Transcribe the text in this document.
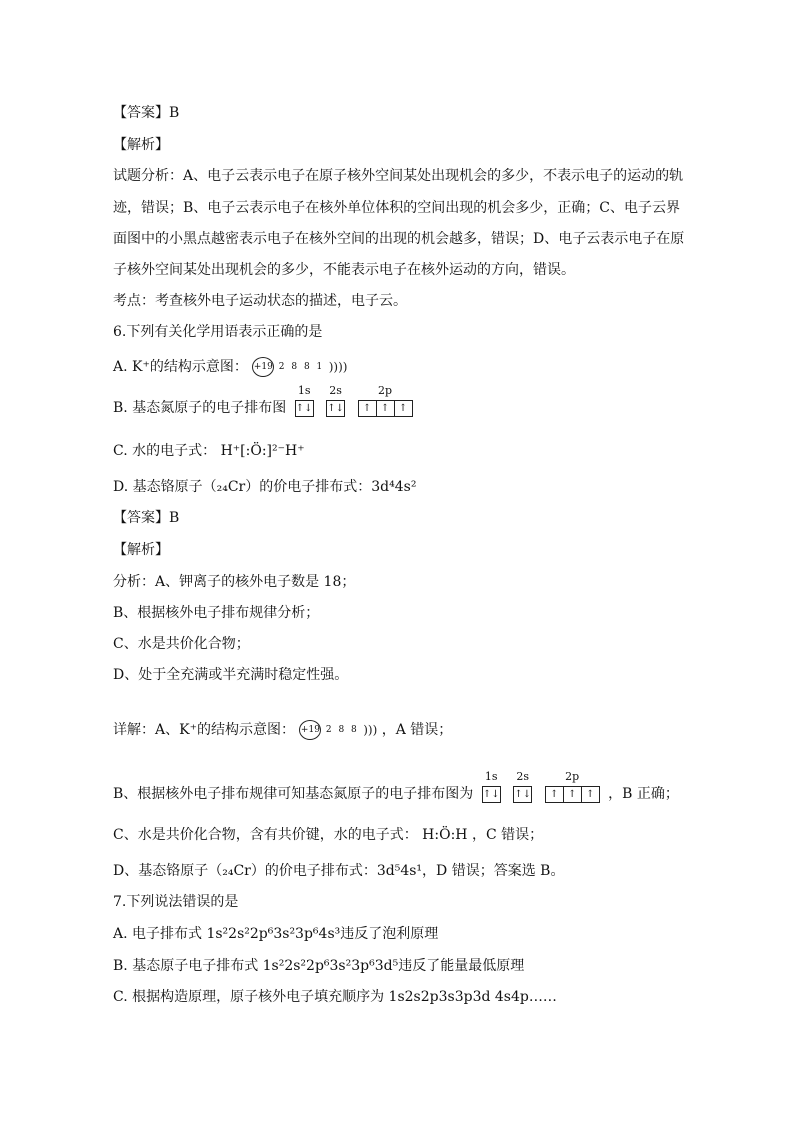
【答案】B
【解析】
试题分析：A、电子云表示电子在原子核外空间某处出现机会的多少，不表示电子的运动的轨
迹，错误；B、电子云表示电子在核外单位体积的空间出现的机会多少，正确；C、电子云界
面图中的小黑点越密表示电子在核外空间的出现的机会越多，错误；D、电子云表示电子在原
子核外空间某处出现机会的多少，不能表示电子在核外运动的方向，错误。
考点：考查核外电子运动状态的描述，电子云。
6.下列有关化学用语表示正确的是
A. K⁺的结构示意图： +19 2 8 8 1 ))))
B. 基态氮原子的电子排布图
1s
↑↓

2s
↑↓

2p
↑ ↑ ↑
C. 水的电子式： H⁺[:Ö:]²⁻H⁺
D. 基态铬原子（₂₄Cr）的价电子排布式：3d⁴4s²
【答案】B
【解析】
分析：A、钾离子的核外电子数是 18；
B、根据核外电子排布规律分析；
C、水是共价化合物；
D、处于全充满或半充满时稳定性强。
详解：A、K⁺的结构示意图： +19 2 8 8 ))) ，A 错误；
B、根据核外电子排布规律可知基态氮原子的电子排布图为
1s
↑↓

2s
↑↓

2p
↑ ↑ ↑ ，B 正确；
C、水是共价化合物，含有共价键，水的电子式： H:Ö:H ，C 错误；
D、基态铬原子（₂₄Cr）的价电子排布式：3d⁵4s¹，D 错误；答案选 B。
7.下列说法错误的是
A. 电子排布式 1s²2s²2p⁶3s²3p⁶4s³违反了泡利原理
B. 基态原子电子排布式 1s²2s²2p⁶3s²3p⁶3d⁵违反了能量最低原理
C. 根据构造原理，原子核外电子填充顺序为 1s2s2p3s3p3d 4s4p……
